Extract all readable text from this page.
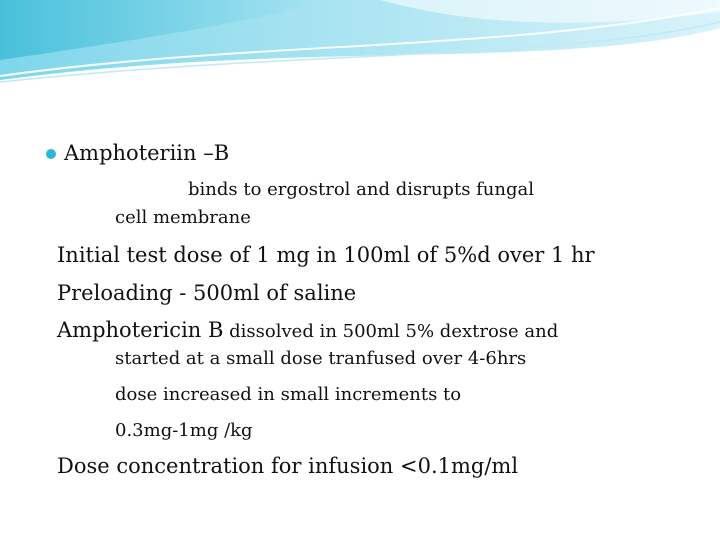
Amphoteriin –B
binds to ergostrol and disrupts fungal
cell membrane
Initial test dose of 1 mg in 100ml of 5%d over 1 hr
Preloading - 500ml of saline
Amphotericin B dissolved in 500ml 5% dextrose and
started at a small dose tranfused over 4-6hrs
dose increased in small increments to
0.3mg-1mg /kg
Dose concentration for infusion <0.1mg/ml
